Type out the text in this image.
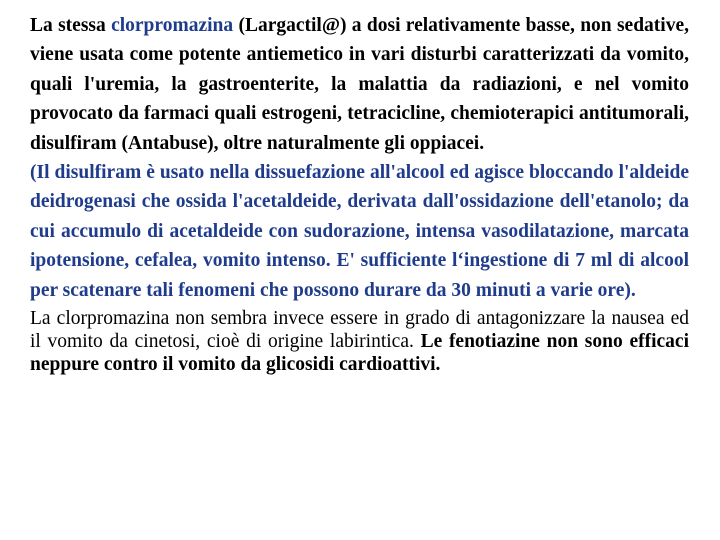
La stessa clorpromazina (Largactil@) a dosi relativamente basse, non sedative, viene usata come potente antiemetico in vari disturbi caratterizzati da vomito, quali l'uremia, la gastroenterite, la malattia da radiazioni, e nel vomito provocato da farmaci quali estrogeni, tetracicline, chemioterapici antitumorali, disulfiram (Antabuse), oltre naturalmente gli oppiacei.

(Il disulfiram è usato nella dissuefazione all'alcool ed agisce bloccando l'aldeide deidrogenasi che ossida l'acetaldeide, derivata dall'ossidazione dell'etanolo; da cui accumulo di acetaldeide con sudorazione, intensa vasodilatazione, marcata ipotensione, cefalea, vomito intenso. E' sufficiente l‘ingestione di 7 ml di alcool per scatenare tali fenomeni che possono durare da 30 minuti a varie ore).

La clorpromazina non sembra invece essere in grado di antagonizzare la nausea ed il vomito da cinetosi, cioè di origine labirintica. Le fenotiazine non sono efficaci neppure contro il vomito da glicosidi cardioattivi.
